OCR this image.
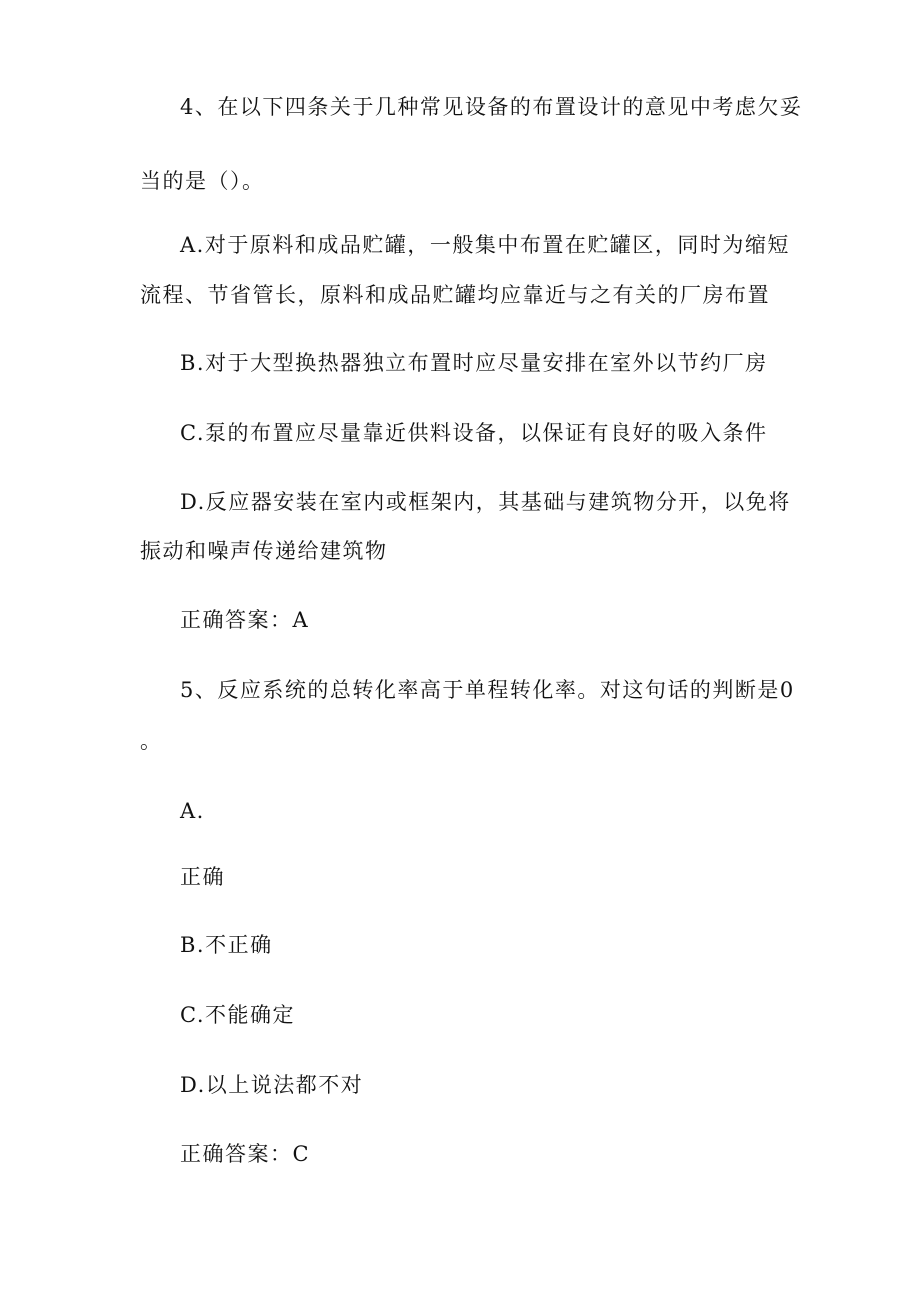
4、在以下四条关于几种常见设备的布置设计的意见中考虑欠妥
当的是（）。
A.对于原料和成品贮罐，一般集中布置在贮罐区，同时为缩短
流程、节省管长，原料和成品贮罐均应靠近与之有关的厂房布置
B.对于大型换热器独立布置时应尽量安排在室外以节约厂房
C.泵的布置应尽量靠近供料设备，以保证有良好的吸入条件
D.反应器安装在室内或框架内，其基础与建筑物分开，以免将
振动和噪声传递给建筑物
正确答案：A
5、反应系统的总转化率高于单程转化率。对这句话的判断是0
。
A.
正确
B.不正确
C.不能确定
D.以上说法都不对
正确答案：C
